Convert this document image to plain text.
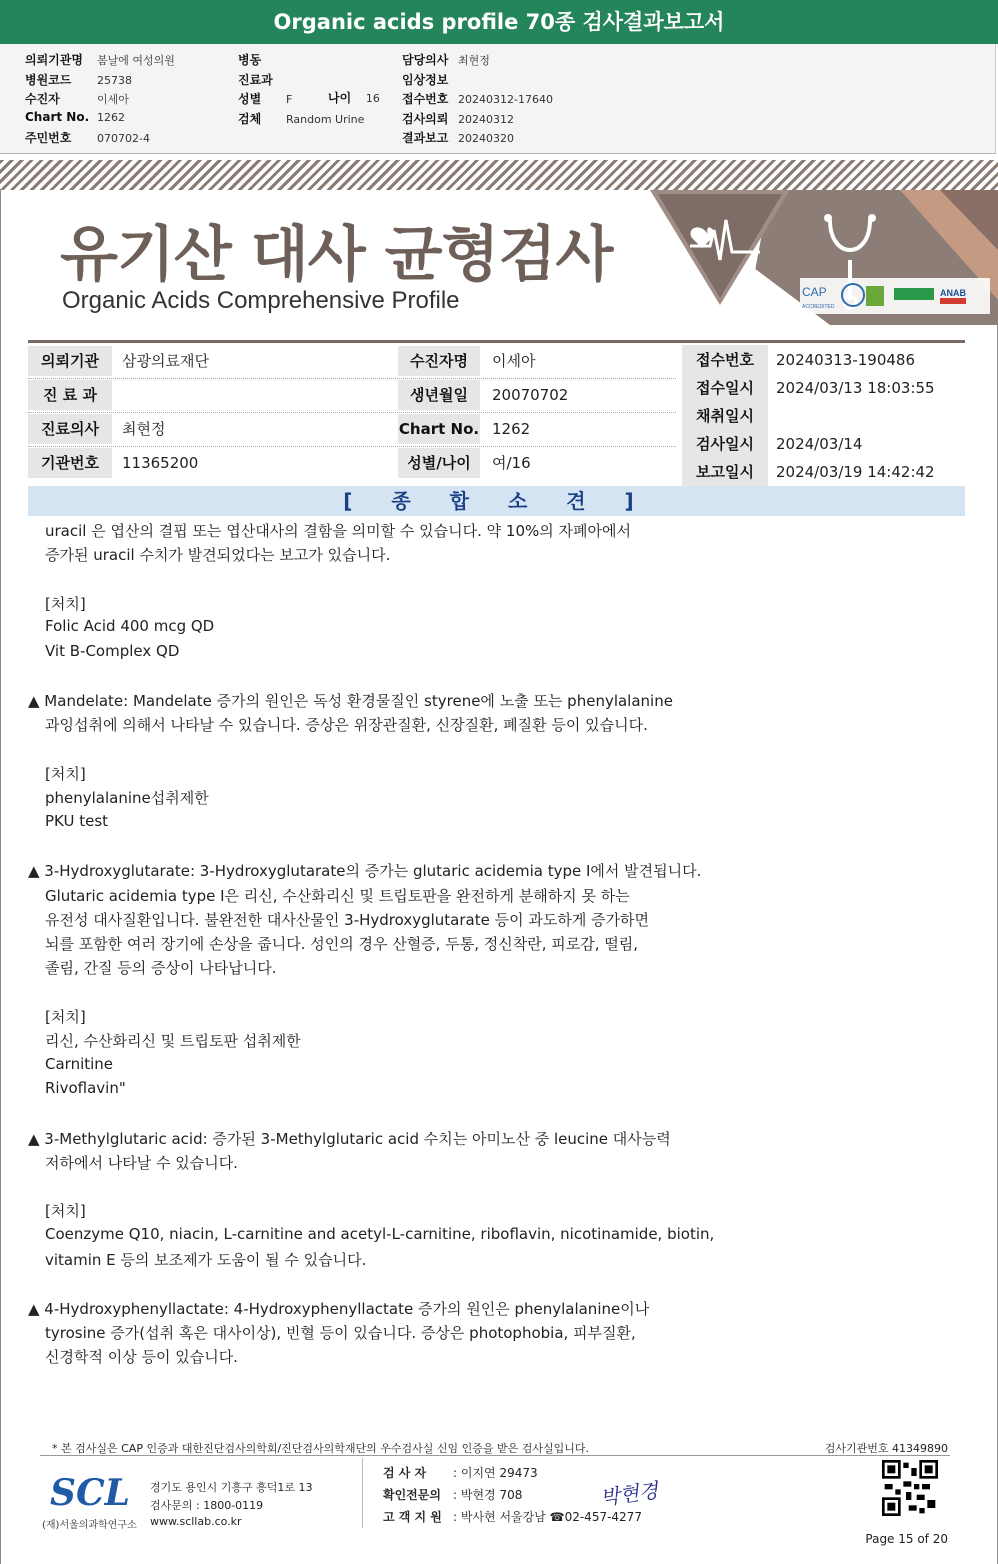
Organic acids profile 70종 검사결과보고서
의뢰기관명 봄날에 여성의원
병원코드 25738
수진자	이세아
Chart No. 1262
주민번호 070702-4
병동
진료과
성별 F
검체 Random Urine
담당의사 최현정
임상정보
접수번호 20240312-17640
검사의뢰 20240312
결과보고 20240320
나이 16
CAP
ACCREDITED
ANAB
유기산 대사 균형검사
Organic Acids Comprehensive Profile
의뢰기관	삼광의료재단
진 료 과
진료의사	최현정
기관번호	11365200
수진자명	이세아
생년월일	20070702
Chart No. 1262
성별/나이	여/16
접수번호	20240313-190486
접수일시	2024/03/13 18:03:55
채취일시
검사일시	2024/03/14
보고일시	2024/03/19 14:42:42
[ 종 합 소 견 ]
uracil 은 엽산의 결핍 또는 엽산대사의 결함을 의미할 수 있습니다. 약 10%의 자폐아에서
증가된 uracil 수치가 발견되었다는 보고가 있습니다.
[처치]
Folic Acid 400 mcg QD
Vit B-Complex QD
▲ Mandelate: Mandelate 증가의 원인은 독성 환경물질인 styrene에 노출 또는 phenylalanine
과잉섭취에 의해서 나타날 수 있습니다. 증상은 위장관질환, 신장질환, 폐질환 등이 있습니다.
[처치]
phenylalanine섭취제한
PKU test
▲ 3-Hydroxyglutarate: 3-Hydroxyglutarate의 증가는 glutaric acidemia type I에서 발견됩니다.
Glutaric acidemia type I은 리신, 수산화리신 및 트립토판을 완전하게 분해하지 못 하는
유전성 대사질환입니다. 불완전한 대사산물인 3-Hydroxyglutarate 등이 과도하게 증가하면
뇌를 포함한 여러 장기에 손상을 줍니다. 성인의 경우 산혈증, 두통, 정신착란, 피로감, 떨림,
졸림, 간질 등의 증상이 나타납니다.
[처치]
리신, 수산화리신 및 트립토판 섭취제한
Carnitine
Rivoflavin"
▲ 3-Methylglutaric acid: 증가된 3-Methylglutaric acid 수치는 아미노산 중 leucine 대사능력
저하에서 나타날 수 있습니다.
[처치]
Coenzyme Q10, niacin, L-carnitine and acetyl-L-carnitine, riboflavin, nicotinamide, biotin,
vitamin E 등의 보조제가 도움이 될 수 있습니다.
▲ 4-Hydroxyphenyllactate: 4-Hydroxyphenyllactate 증가의 원인은 phenylalanine이나
tyrosine 증가(섭취 혹은 대사이상), 빈혈 등이 있습니다. 증상은 photophobia, 피부질환,
신경학적 이상 등이 있습니다.
* 본 검사실은 CAP 인증과 대한진단검사의학회/진단검사의학재단의 우수검사실 신임 인증을 받은 검사실입니다.	검사기관번호 41349890
SCL
(재)서울의과학연구소
경기도 용인시 기흥구 흥덕1로 13
검사문의 : 1800-0119
www.scllab.co.kr
검 사 자 : 이지연 29473
확인전문의 : 박현경 708
고 객 지 원 : 박사현 서울강남 ☎02-457-4277
박현경
Page 15 of 20
